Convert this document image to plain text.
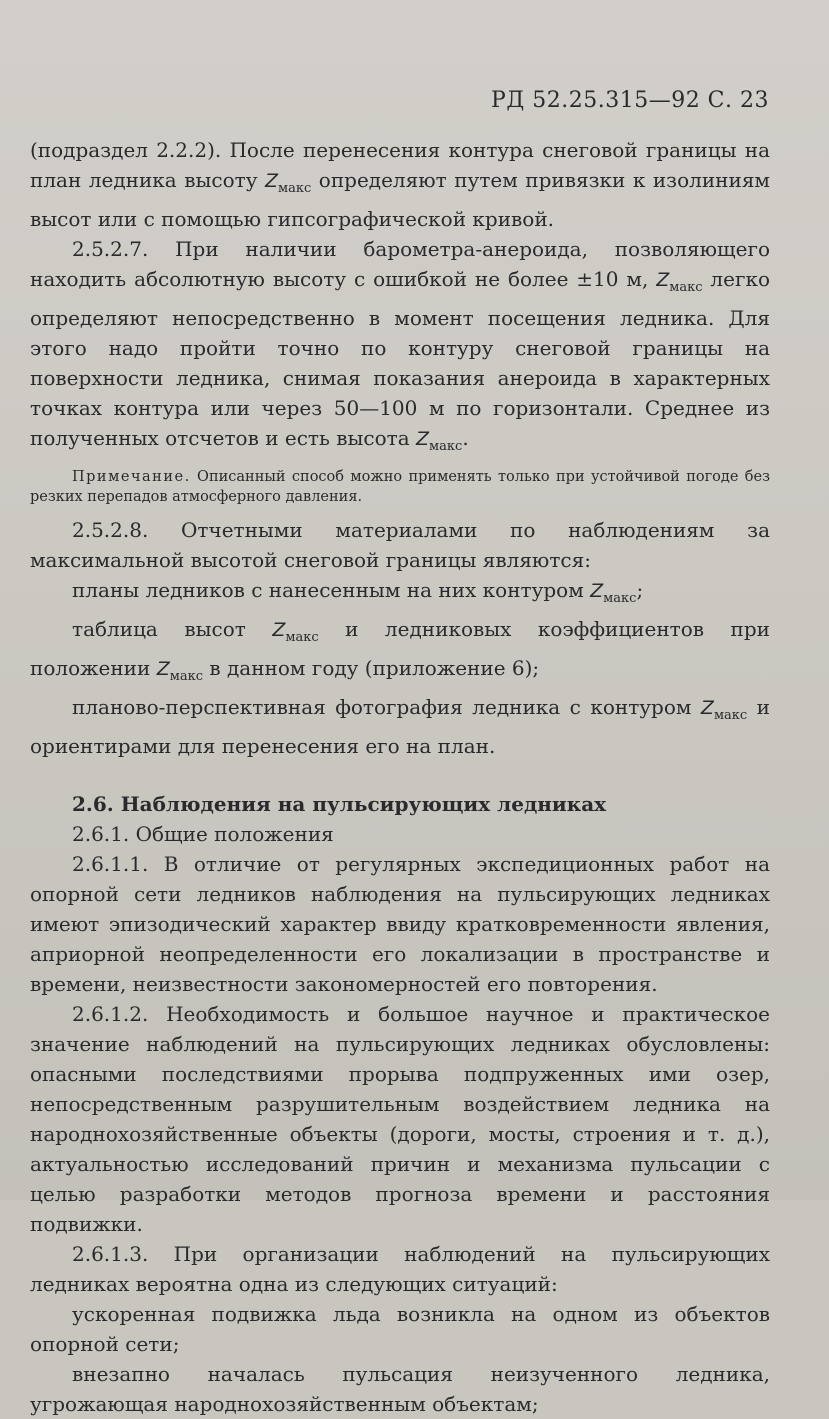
РД 52.25.315—92 С. 23

(подраздел 2.2.2). После перенесения контура снеговой границы на план ледника высоту $Z_{макс}$ определяют путем привязки к изолиниям высот или с помощью гипсографической кривой.

2.5.2.7. При наличии барометра-анероида, позволяющего находить абсолютную высоту с ошибкой не более ±10 м, $Z_{макс}$ легко определяют непосредственно в момент посещения ледника. Для этого надо пройти точно по контуру снеговой границы на поверхности ледника, снимая показания анероида в характерных точках контура или через 50—100 м по горизонтали. Среднее из полученных отсчетов и есть высота $Z_{макс}$.

Примечание. Описанный способ можно применять только при устойчивой погоде без резких перепадов атмосферного давления.

2.5.2.8. Отчетными материалами по наблюдениям за максимальной высотой снеговой границы являются:

планы ледников с нанесенным на них контуром $Z_{макс}$;

таблица высот $Z_{макс}$ и ледниковых коэффициентов при положении $Z_{макс}$ в данном году (приложение 6);

планово-перспективная фотография ледника с контуром $Z_{макс}$ и ориентирами для перенесения его на план.

2.6. Наблюдения на пульсирующих ледниках

2.6.1. Общие положения

2.6.1.1. В отличие от регулярных экспедиционных работ на опорной сети ледников наблюдения на пульсирующих ледниках имеют эпизодический характер ввиду кратковременности явления, априорной неопределенности его локализации в пространстве и времени, неизвестности закономерностей его повторения.

2.6.1.2. Необходимость и большое научное и практическое значение наблюдений на пульсирующих ледниках обусловлены: опасными последствиями прорыва подпруженных ими озер, непосредственным разрушительным воздействием ледника на народнохозяйственные объекты (дороги, мосты, строения и т. д.), актуальностью исследований причин и механизма пульсации с целью разработки методов прогноза времени и расстояния подвижки.

2.6.1.3. При организации наблюдений на пульсирующих ледниках вероятна одна из следующих ситуаций:

ускоренная подвижка льда возникла на одном из объектов опорной сети;

внезапно началась пульсация неизученного ледника, угрожающая народнохозяйственным объектам;
